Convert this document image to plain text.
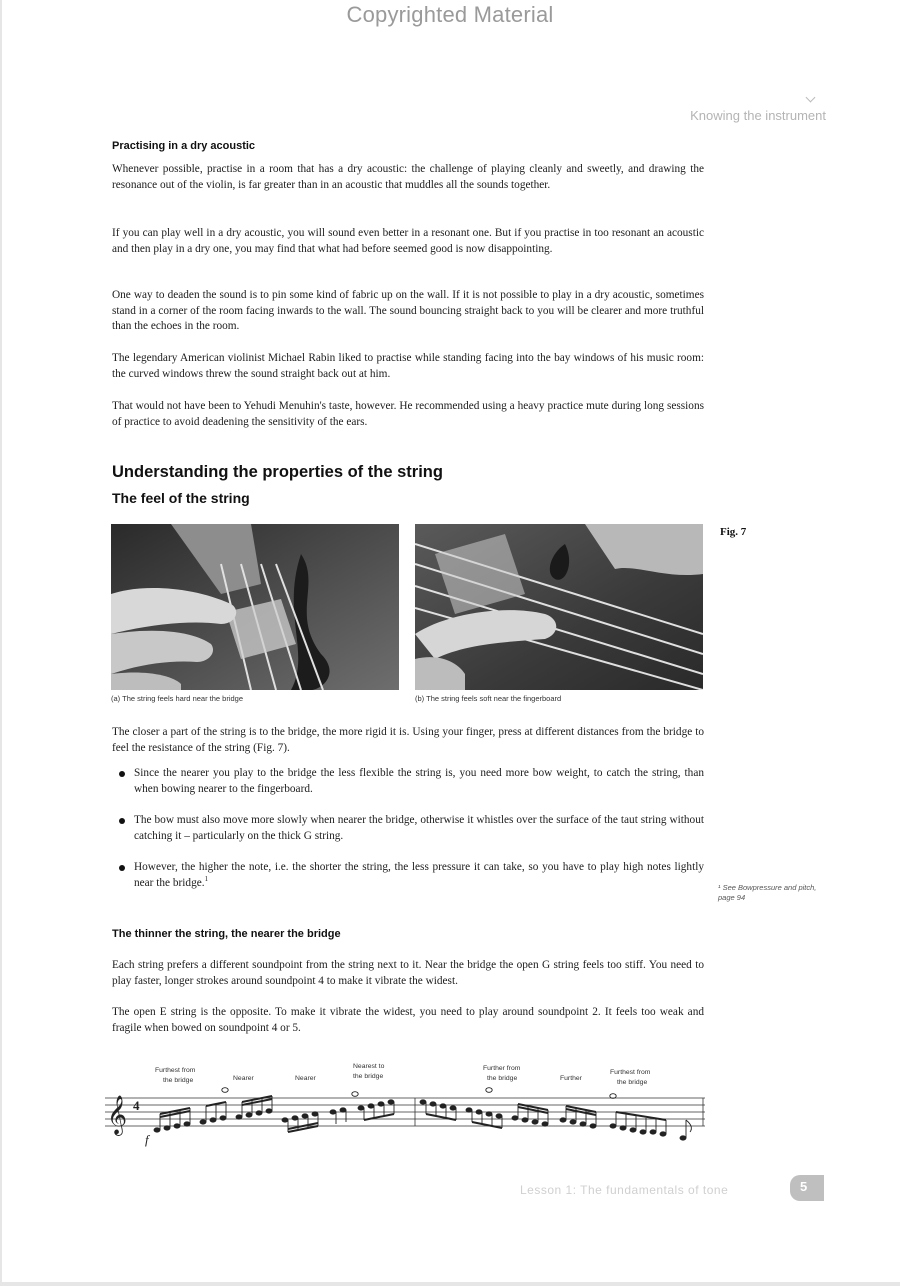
Copyrighted Material
Knowing the instrument
Practising in a dry acoustic

Whenever possible, practise in a room that has a dry acoustic: the challenge of playing cleanly and sweetly, and drawing the resonance out of the violin, is far greater than in an acoustic that muddles all the sounds together.

If you can play well in a dry acoustic, you will sound even better in a resonant one. But if you practise in too resonant an acoustic and then play in a dry one, you may find that what had before seemed good is now disappointing.

One way to deaden the sound is to pin some kind of fabric up on the wall. If it is not possible to play in a dry acoustic, sometimes stand in a corner of the room facing inwards to the wall. The sound bouncing straight back to you will be clearer and more truthful than the echoes in the room.

The legendary American violinist Michael Rabin liked to practise while standing facing into the bay windows of his music room: the curved windows threw the sound straight back out at him.

That would not have been to Yehudi Menuhin's taste, however. He recommended using a heavy practice mute during long sessions of practice to avoid deadening the sensitivity of the ears.

Understanding the properties of the string
The feel of the string
(a) The string feels hard near the bridge	(b) The string feels soft near the fingerboard
Fig. 7

The closer a part of the string is to the bridge, the more rigid it is. Using your finger, press at different distances from the bridge to feel the resistance of the string (Fig. 7).

Since the nearer you play to the bridge the less flexible the string is, you need more bow weight, to catch the string, than when bowing nearer to the fingerboard.
The bow must also move more slowly when nearer the bridge, otherwise it whistles over the surface of the taut string without catching it – particularly on the thick G string.
However, the higher the note, i.e. the shorter the string, the less pressure it can take, so you have to play high notes lightly near the bridge.$^1$
¹ See Bowpressure and pitch, page 94
The thinner the string, the nearer the bridge

Each string prefers a different soundpoint from the string next to it. Near the bridge the open G string feels too stiff. You need to play faster, longer strokes around soundpoint 4 to make it vibrate the widest.

The open E string is the opposite. To make it vibrate the widest, you need to play around soundpoint 2. It feels too weak and fragile when bowed on soundpoint 4 or 5.

𝄞 4
f
Furthest from
the bridge	Nearer	Nearer
Nearest to
the bridge
Further from
the bridge	Further
Furthest from
the bridge
Lesson 1: The fundamentals of tone	5
